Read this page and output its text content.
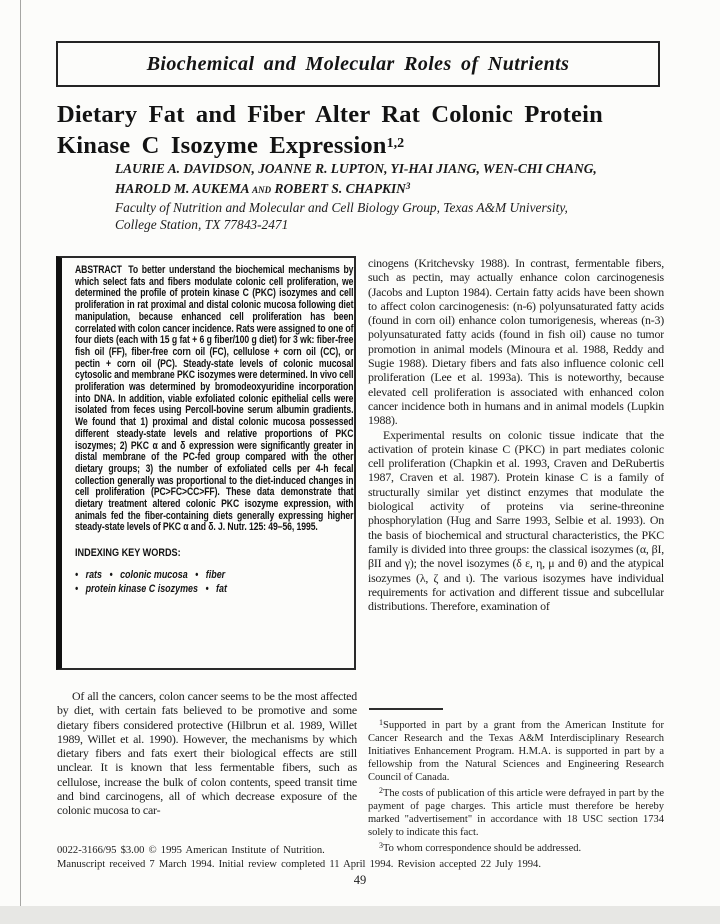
Biochemical and Molecular Roles of Nutrients
Dietary Fat and Fiber Alter Rat Colonic Protein
Kinase C Isozyme Expression$^{1,2}$
LAURIE A. DAVIDSON, JOANNE R. LUPTON, YI-HAI JIANG, WEN-CHI CHANG,
HAROLD M. AUKEMA and ROBERT S. CHAPKIN$^3$
Faculty of Nutrition and Molecular and Cell Biology Group, Texas A&M University,
College Station, TX 77843-2471

ABSTRACT To better understand the biochemical mechanisms by which select fats and fibers modulate colonic cell proliferation, we determined the profile of protein kinase C (PKC) isozymes and cell proliferation in rat proximal and distal colonic mucosa following diet manipulation, because enhanced cell proliferation has been correlated with colon cancer incidence. Rats were assigned to one of four diets (each with 15 g fat + 6 g fiber/100 g diet) for 3 wk: fiber-free fish oil (FF), fiber-free corn oil (FC), cellulose + corn oil (CC), or pectin + corn oil (PC). Steady-state levels of colonic mucosal cytosolic and membrane PKC isozymes were determined. In vivo cell proliferation was determined by bromodeoxyuridine incorporation into DNA. In addition, viable exfoliated colonic epithelial cells were isolated from feces using Percoll-bovine serum albumin gradients. We found that 1) proximal and distal colonic mucosa possessed different steady-state levels and relative proportions of PKC isozymes; 2) PKC α and δ expression were significantly greater in distal membrane of the PC-fed group compared with the other dietary groups; 3) the number of exfoliated cells per 4-h fecal collection generally was proportional to the diet-induced changes in cell proliferation (PC>FC>CC>FF). These data demonstrate that dietary treatment altered colonic PKC isozyme expression, with animals fed the fiber-containing diets generally expressing higher steady-state levels of PKC α and δ. J. Nutr. 125: 49–56, 1995.

INDEXING KEY WORDS:
•   rats   •   colonic mucosa   •   fiber
•   protein kinase C isozymes   •   fat

Of all the cancers, colon cancer seems to be the most affected by diet, with certain fats believed to be promotive and some dietary fibers considered protective (Hilbrun et al. 1989, Willet 1989, Willet et al. 1990). However, the mechanisms by which dietary fibers and fats exert their biological effects are still unclear. It is known that less fermentable fibers, such as cellulose, increase the bulk of colon contents, speed transit time and bind carcinogens, all of which decrease exposure of the colonic mucosa to car-

cinogens (Kritchevsky 1988). In contrast, fermentable fibers, such as pectin, may actually enhance colon carcinogenesis (Jacobs and Lupton 1984). Certain fatty acids have been shown to affect colon carcinogenesis: (n-6) polyunsaturated fatty acids (found in corn oil) enhance colon tumorigenesis, whereas (n-3) polyunsaturated fatty acids (found in fish oil) cause no tumor promotion in animal models (Minoura et al. 1988, Reddy and Sugie 1988). Dietary fibers and fats also influence colonic cell proliferation (Lee et al. 1993a). This is noteworthy, because elevated cell proliferation is associated with enhanced colon cancer incidence both in humans and in animal models (Lupkin 1988).

Experimental results on colonic tissue indicate that the activation of protein kinase C (PKC) in part mediates colonic cell proliferation (Chapkin et al. 1993, Craven and DeRubertis 1987, Craven et al. 1987). Protein kinase C is a family of structurally similar yet distinct enzymes that modulate the biological activity of proteins via serine-threonine phosphorylation (Hug and Sarre 1993, Selbie et al. 1993). On the basis of biochemical and structural characteristics, the PKC family is divided into three groups: the classical isozymes (α, βI, βII and γ); the novel isozymes (δ ε, η, μ and θ) and the atypical isozymes (λ, ζ and ι). The various isozymes have individual requirements for activation and different tissue and subcellular distributions. Therefore, examination of

$^1$Supported in part by a grant from the American Institute for Cancer Research and the Texas A&M Interdisciplinary Research Initiatives Enhancement Program. H.M.A. is supported in part by a fellowship from the Natural Sciences and Engineering Research Council of Canada.

$^2$The costs of publication of this article were defrayed in part by the payment of page charges. This article must therefore be hereby marked "advertisement" in accordance with 18 USC section 1734 solely to indicate this fact.

$^3$To whom correspondence should be addressed.

0022-3166/95 $3.00 © 1995 American Institute of Nutrition.
Manuscript received 7 March 1994. Initial review completed 11 April 1994. Revision accepted 22 July 1994.
49
